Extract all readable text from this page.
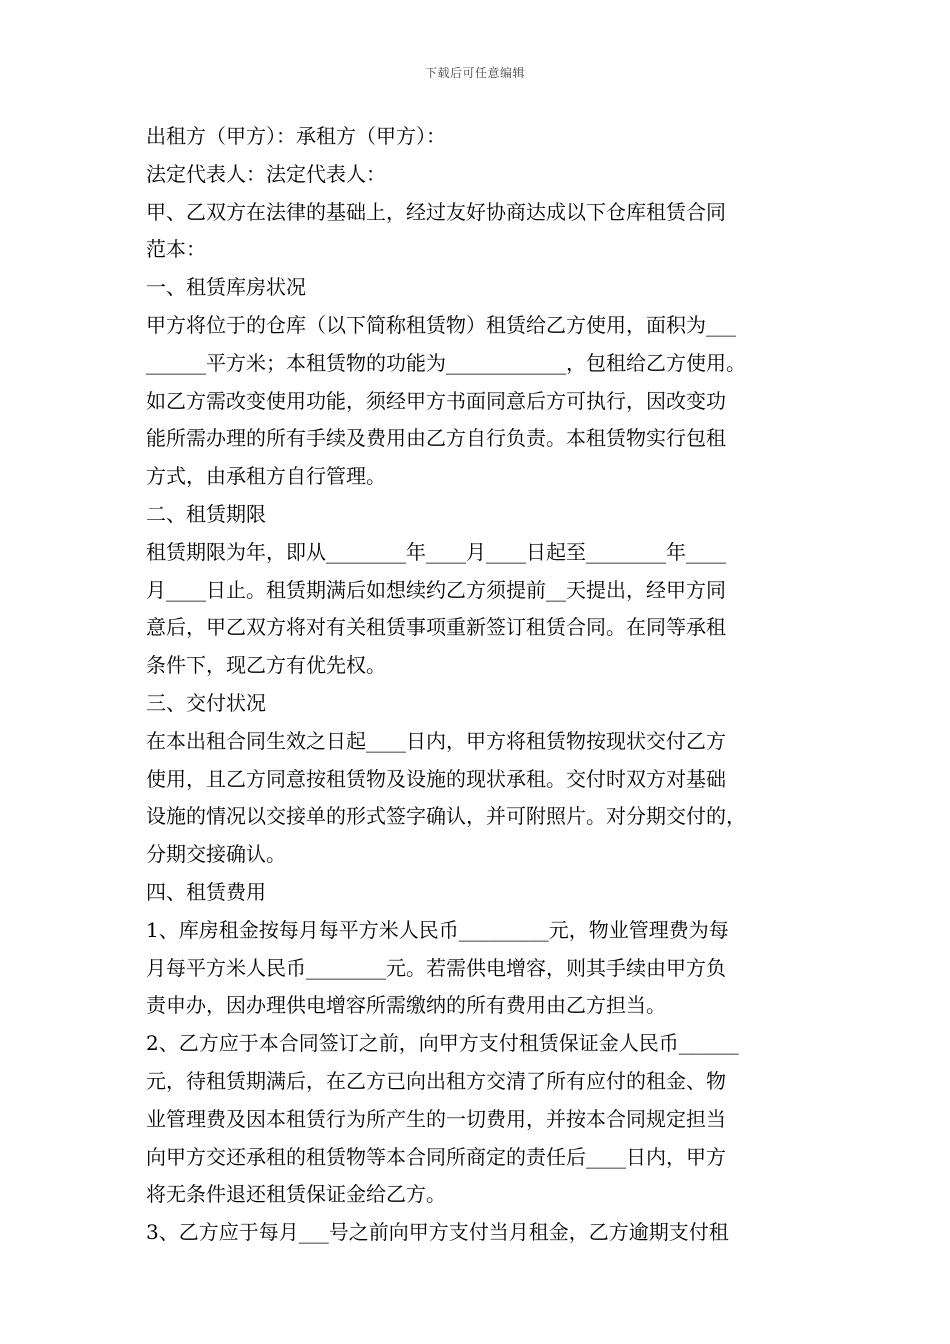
下载后可任意编辑
出租方（甲方）：承租方（甲方）：
法定代表人：法定代表人：
甲、乙双方在法律的基础上，经过友好协商达成以下仓库租赁合同
范本：
一、租赁库房状况
甲方将位于的仓库（以下简称租赁物）租赁给乙方使用，面积为___
______平方米；本租赁物的功能为____________，包租给乙方使用。
如乙方需改变使用功能，须经甲方书面同意后方可执行，因改变功
能所需办理的所有手续及费用由乙方自行负责。本租赁物实行包租
方式，由承租方自行管理。
二、租赁期限
租赁期限为年，即从________年____月____日起至________年____
月____日止。租赁期满后如想续约乙方须提前__天提出，经甲方同
意后，甲乙双方将对有关租赁事项重新签订租赁合同。在同等承租
条件下，现乙方有优先权。
三、交付状况
在本出租合同生效之日起____日内，甲方将租赁物按现状交付乙方
使用，且乙方同意按租赁物及设施的现状承租。交付时双方对基础
设施的情况以交接单的形式签字确认，并可附照片。对分期交付的，
分期交接确认。
四、租赁费用
1、库房租金按每月每平方米人民币_________元，物业管理费为每
月每平方米人民币________元。若需供电增容，则其手续由甲方负
责申办，因办理供电增容所需缴纳的所有费用由乙方担当。
2、乙方应于本合同签订之前，向甲方支付租赁保证金人民币______
元，待租赁期满后，在乙方已向出租方交清了所有应付的租金、物
业管理费及因本租赁行为所产生的一切费用，并按本合同规定担当
向甲方交还承租的租赁物等本合同所商定的责任后____日内，甲方
将无条件退还租赁保证金给乙方。
3、乙方应于每月___号之前向甲方支付当月租金，乙方逾期支付租
